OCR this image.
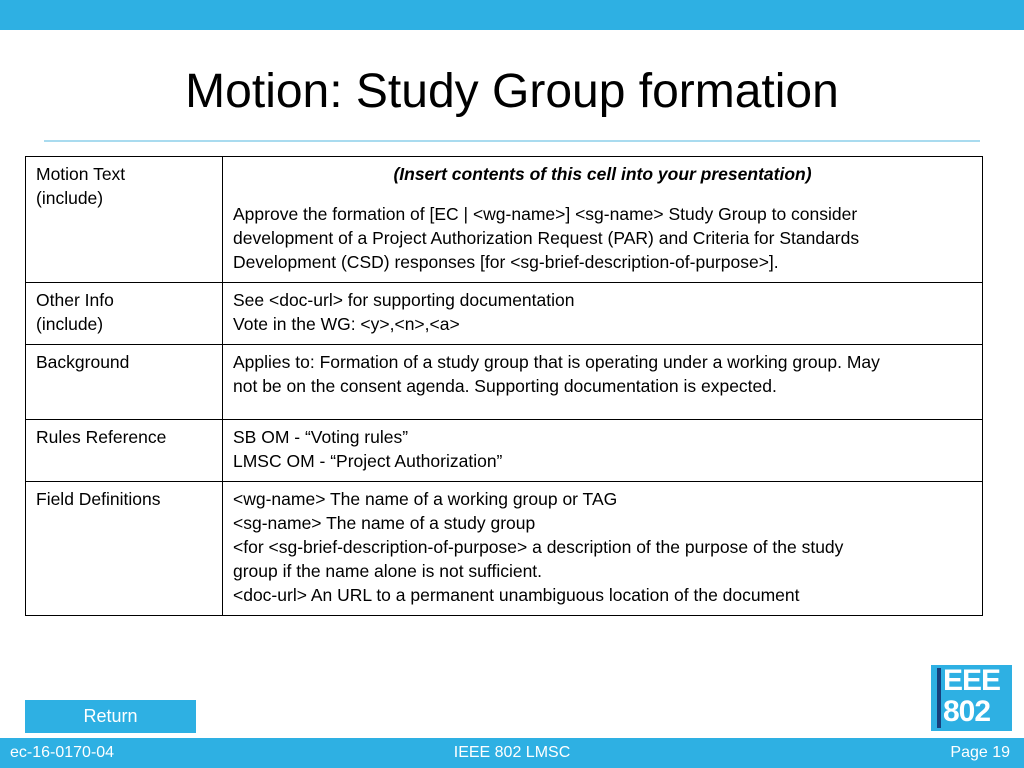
Motion: Study Group formation
Motion Text
(include)	(Insert contents of this cell into your presentation)
Approve the formation of [EC | <wg-name>] <sg-name> Study Group to consider
development of a Project Authorization Request (PAR) and Criteria for Standards
Development (CSD) responses [for <sg-brief-description-of-purpose>].

Other Info
(include)	See <doc-url> for supporting documentation
Vote in the WG: <y>,<n>,<a>

Background	Applies to: Formation of a study group that is operating under a working group. May
not be on the consent agenda. Supporting documentation is expected.

Rules Reference	SB OM - “Voting rules”
LMSC OM - “Project Authorization”

Field Definitions	<wg-name> The name of a working group or TAG
<sg-name> The name of a study group
<for <sg-brief-description-of-purpose> a description of the purpose of the study
group if the name alone is not sufficient.
<doc-url> An URL to a permanent unambiguous location of the document
Return
EEE
802
ec-16-0170-04	IEEE 802 LMSC	Page 19
